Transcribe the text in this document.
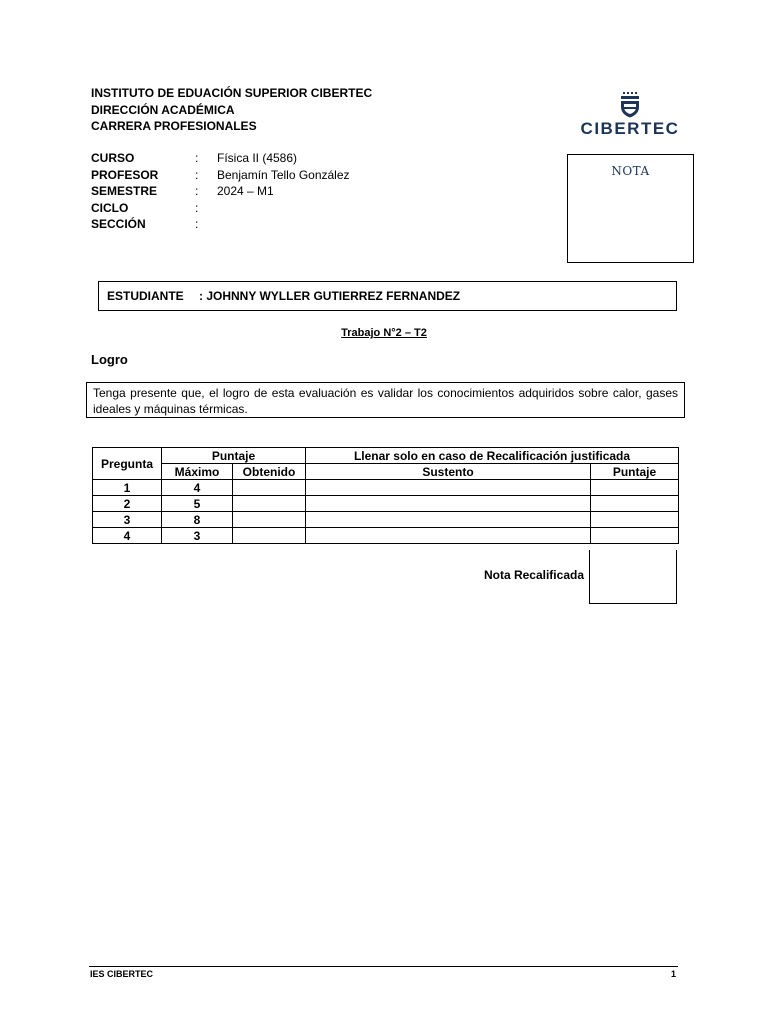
INSTITUTO DE EDUACIÓN SUPERIOR CIBERTEC
DIRECCIÓN ACADÉMICA
CARRERA PROFESIONALES	CIBERTEC
CURSO	:	Física II (4586)
PROFESOR	:	Benjamín Tello González
SEMESTRE	:	2024 – M1
CICLO	:
SECCIÓN	:
NOTA
ESTUDIANTE : JOHNNY WYLLER GUTIERREZ FERNANDEZ
Trabajo N°2 – T2
Logro
Tenga presente que, el logro de esta evaluación es validar los conocimientos adquiridos sobre calor, gases ideales y máquinas térmicas.
Pregunta	Puntaje		Llenar solo en caso de Recalificación justificada	
	Máximo	Obtenido	Sustento	Puntaje
1	4			
2	5			
3	8			
4	3			
Nota Recalificada
IES CIBERTEC	1
